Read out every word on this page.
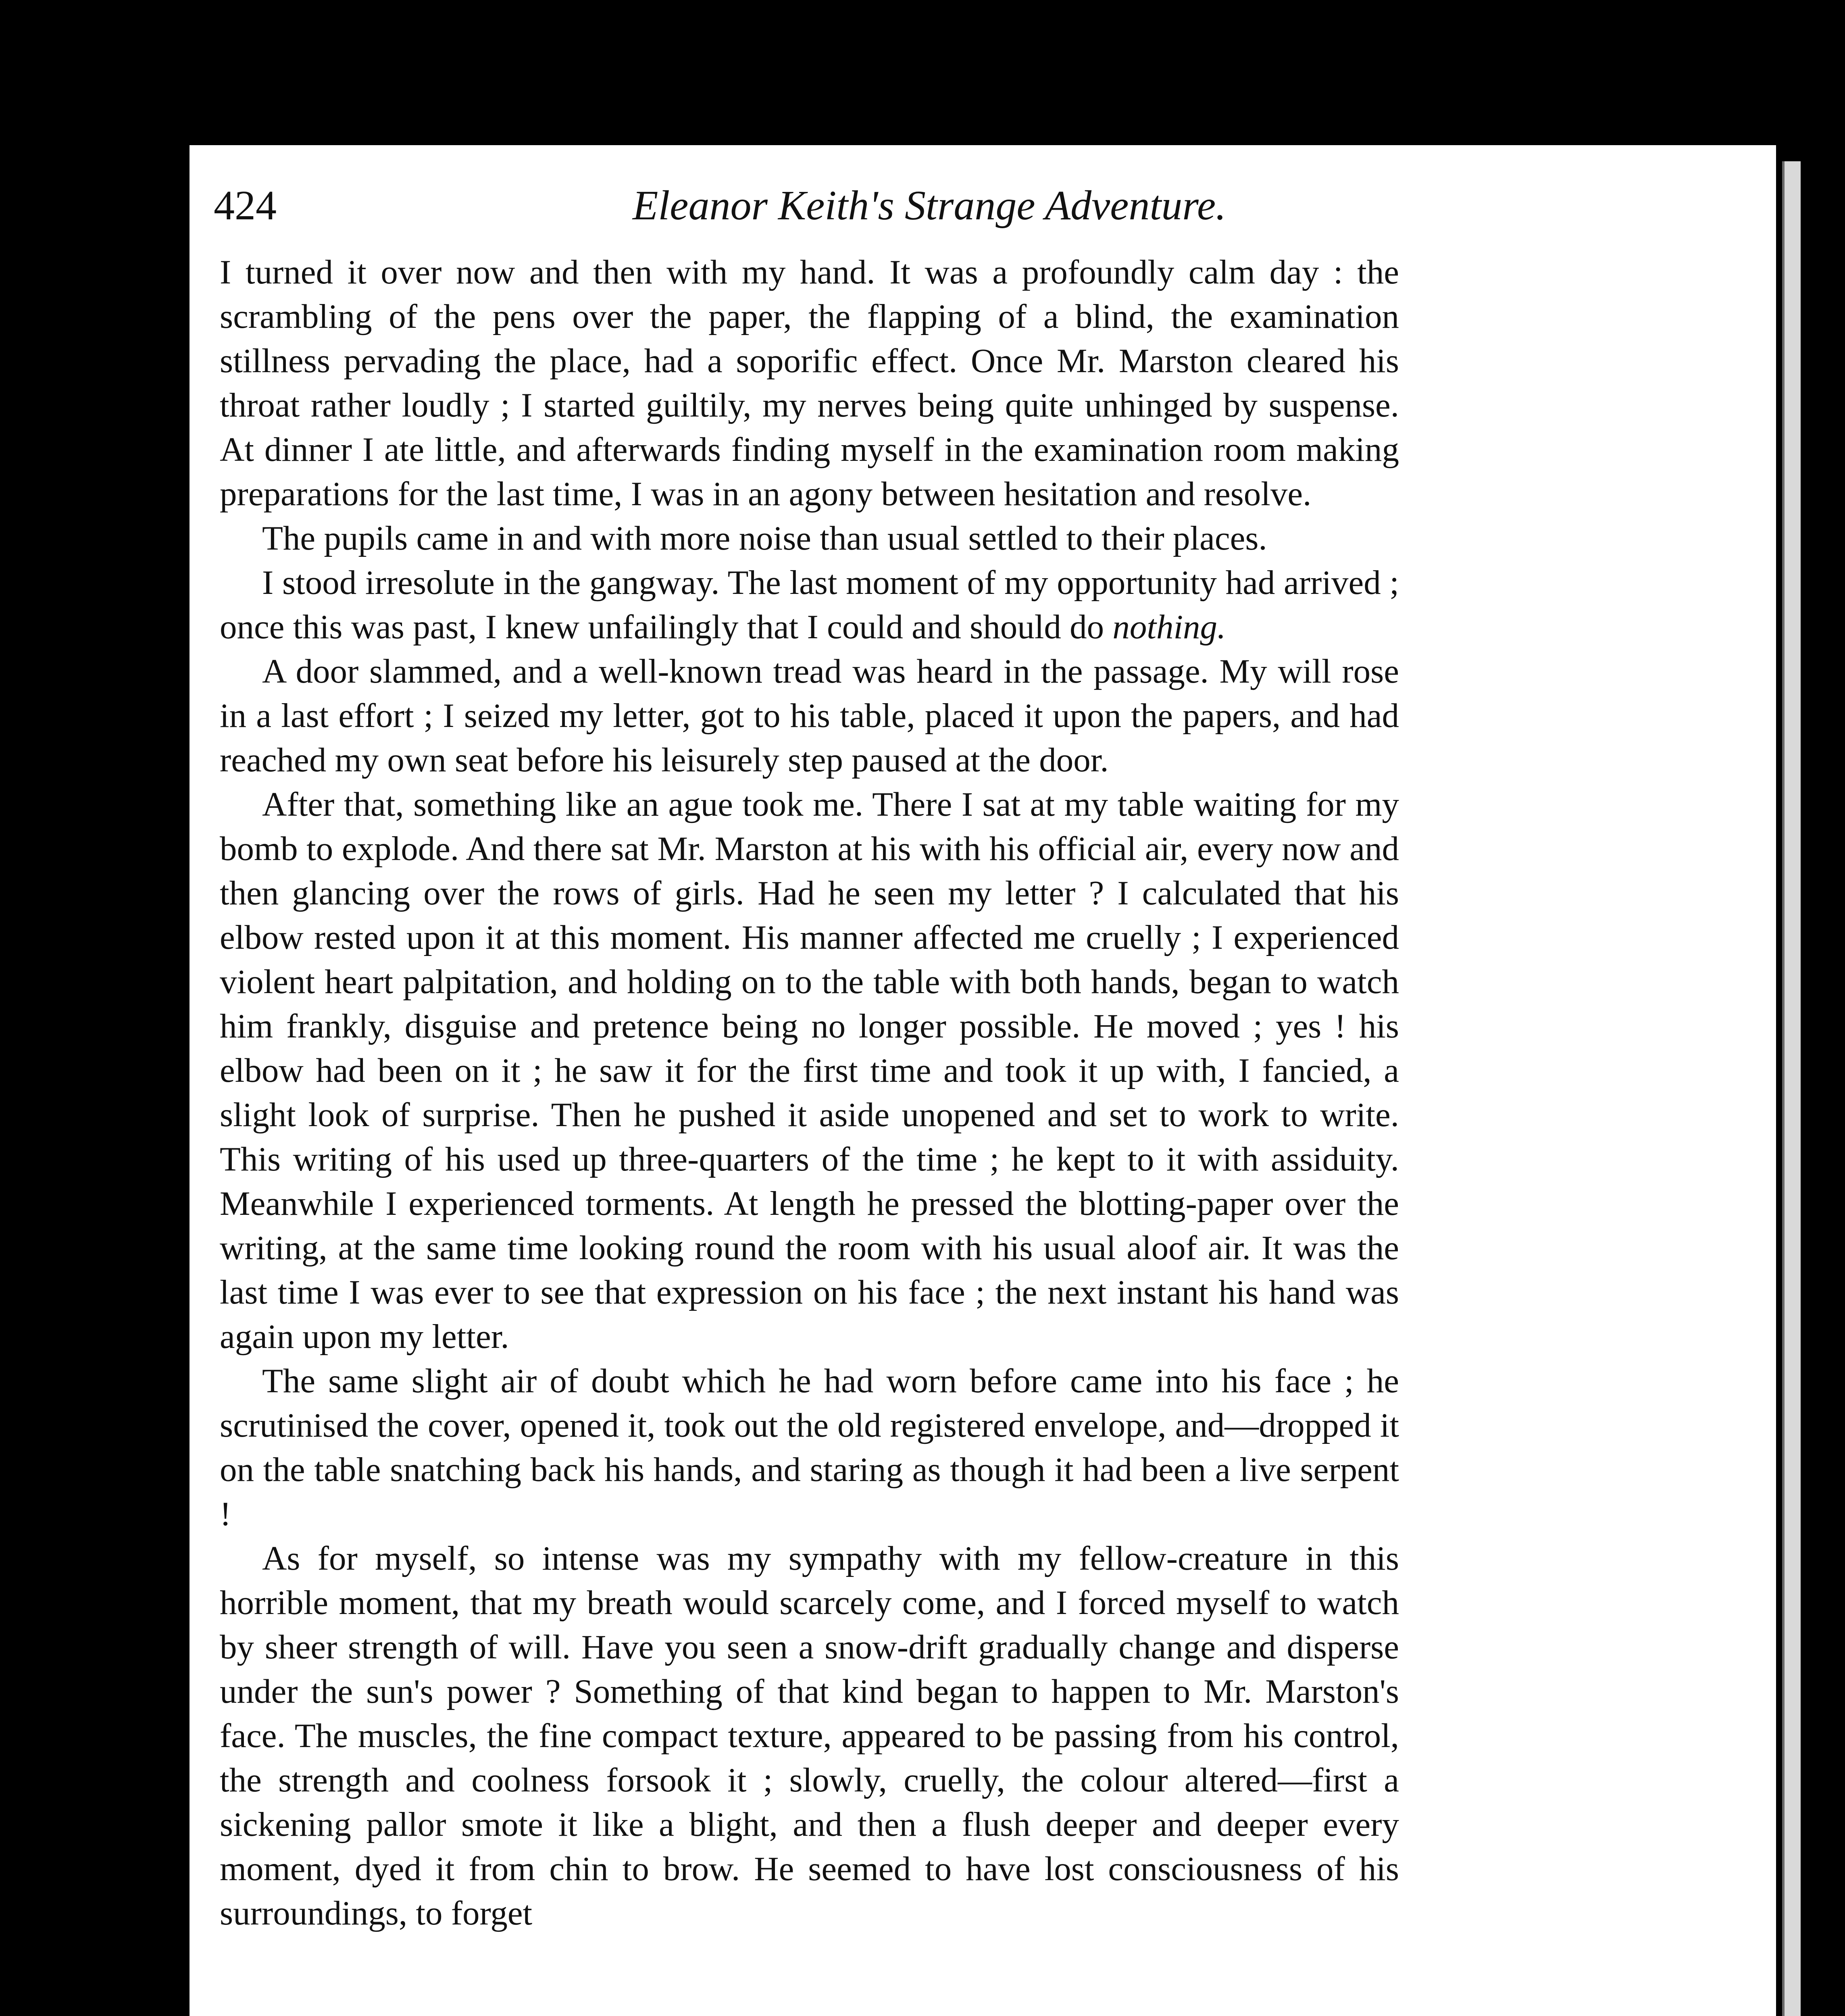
424	Eleanor Keith's Strange Adventure.

I turned it over now and then with my hand. It was a profoundly calm day : the scrambling of the pens over the paper, the flapping of a blind, the examination stillness pervading the place, had a soporific effect. Once Mr. Marston cleared his throat rather loudly ; I started guiltily, my nerves being quite unhinged by suspense. At dinner I ate little, and afterwards finding myself in the examination room making preparations for the last time, I was in an agony between hesitation and resolve.

The pupils came in and with more noise than usual settled to their places.

I stood irresolute in the gangway. The last moment of my opportunity had arrived ; once this was past, I knew unfailingly that I could and should do nothing.

A door slammed, and a well-known tread was heard in the passage. My will rose in a last effort ; I seized my letter, got to his table, placed it upon the papers, and had reached my own seat before his leisurely step paused at the door.

After that, something like an ague took me. There I sat at my table waiting for my bomb to explode. And there sat Mr. Marston at his with his official air, every now and then glancing over the rows of girls. Had he seen my letter ? I calculated that his elbow rested upon it at this moment. His manner affected me cruelly ; I experienced violent heart palpitation, and holding on to the table with both hands, began to watch him frankly, disguise and pretence being no longer possible. He moved ; yes ! his elbow had been on it ; he saw it for the first time and took it up with, I fancied, a slight look of surprise. Then he pushed it aside unopened and set to work to write. This writing of his used up three-quarters of the time ; he kept to it with assiduity. Meanwhile I experienced torments. At length he pressed the blotting-paper over the writing, at the same time looking round the room with his usual aloof air. It was the last time I was ever to see that expression on his face ; the next instant his hand was again upon my letter.

The same slight air of doubt which he had worn before came into his face ; he scrutinised the cover, opened it, took out the old registered envelope, and—dropped it on the table snatching back his hands, and staring as though it had been a live serpent !

As for myself, so intense was my sympathy with my fellow-creature in this horrible moment, that my breath would scarcely come, and I forced myself to watch by sheer strength of will. Have you seen a snow-drift gradually change and disperse under the sun's power ? Something of that kind began to happen to Mr. Marston's face. The muscles, the fine compact texture, appeared to be passing from his control, the strength and coolness forsook it ; slowly, cruelly, the colour altered—first a sickening pallor smote it like a blight, and then a flush deeper and deeper every moment, dyed it from chin to brow. He seemed to have lost consciousness of his surroundings, to forget
